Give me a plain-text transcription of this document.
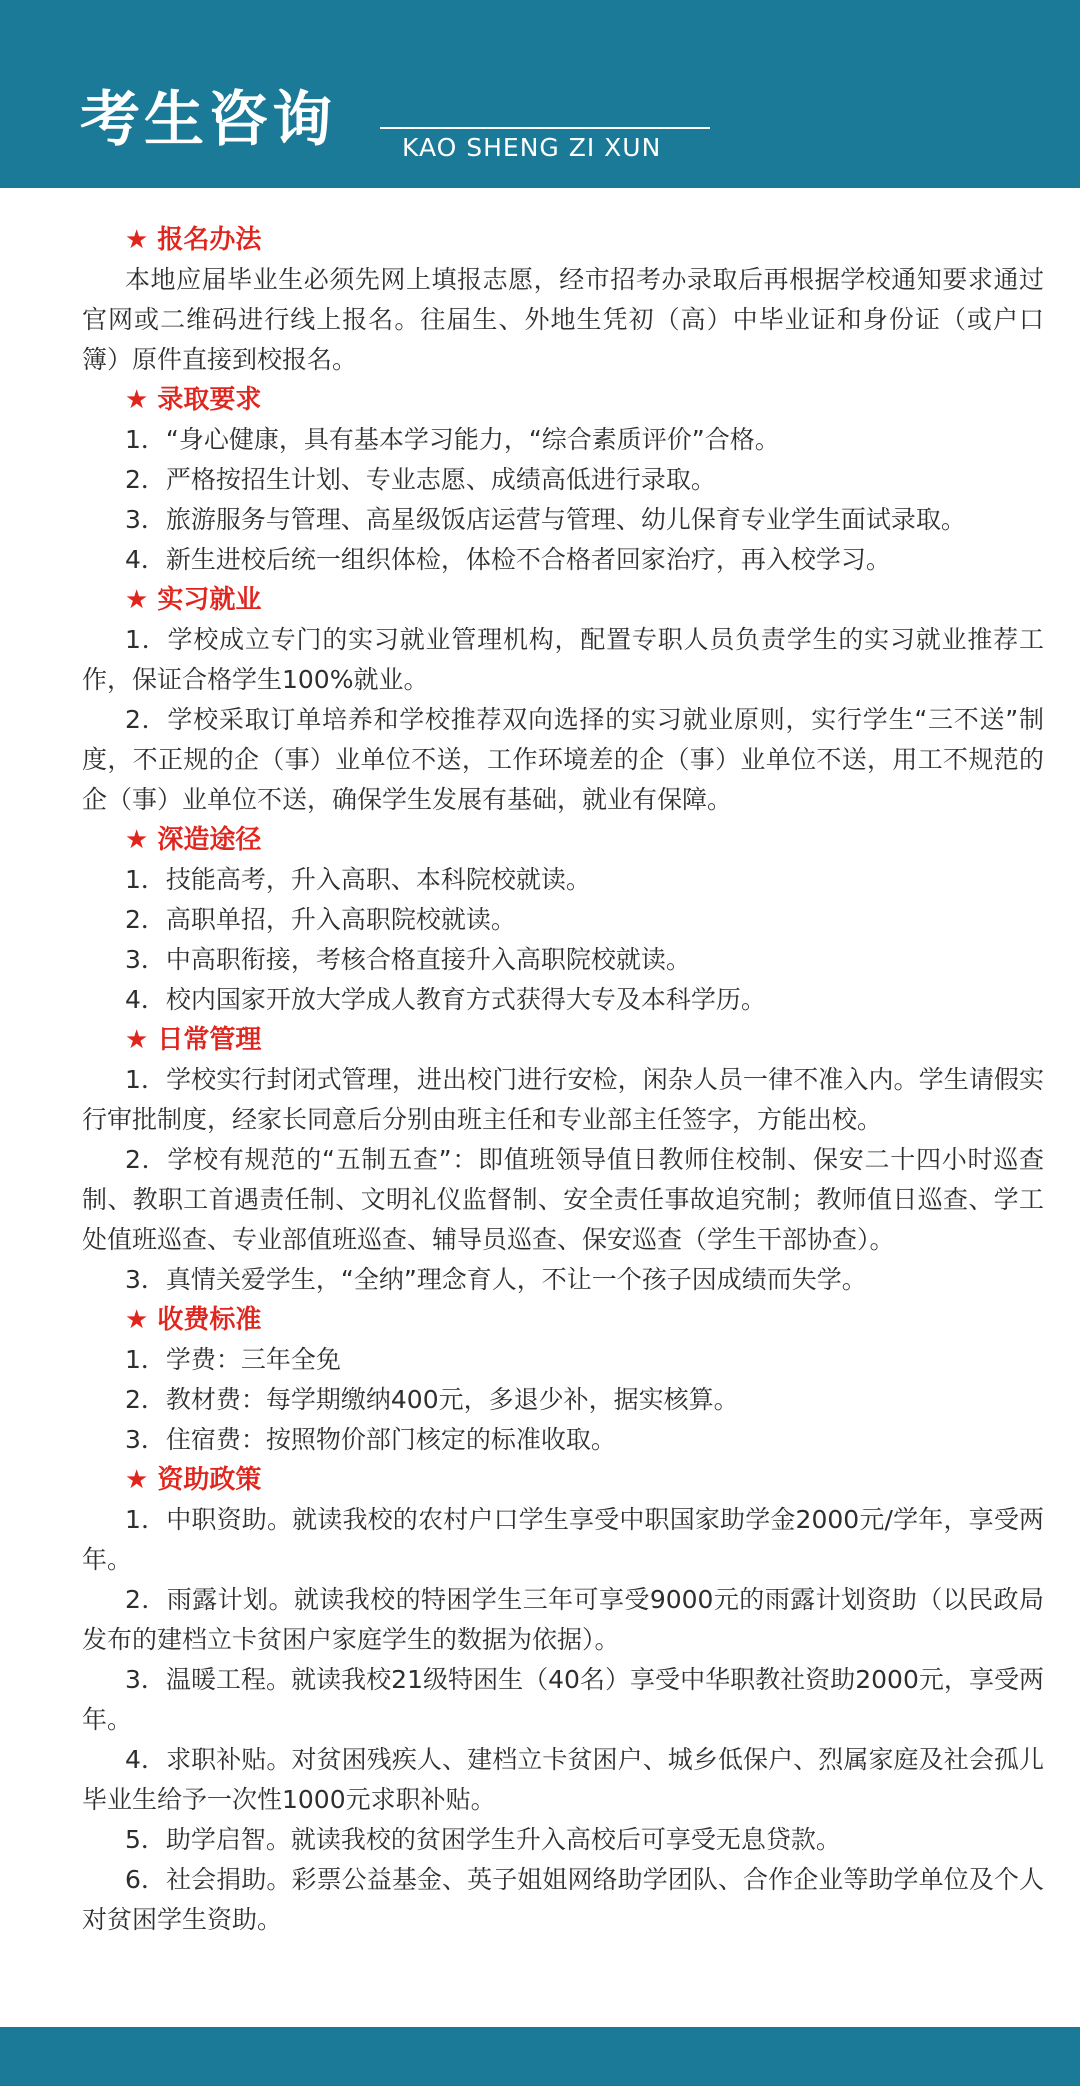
考生咨询	KAO SHENG ZI XUN
★ 报名办法

本地应届毕业生必须先网上填报志愿，经市招考办录取后再根据学校通知要求通过官网或二维码进行线上报名。往届生、外地生凭初（高）中毕业证和身份证（或户口簿）原件直接到校报名。

★ 录取要求

1．“身心健康，具有基本学习能力，“综合素质评价”合格。

2．严格按招生计划、专业志愿、成绩高低进行录取。

3．旅游服务与管理、高星级饭店运营与管理、幼儿保育专业学生面试录取。

4．新生进校后统一组织体检，体检不合格者回家治疗，再入校学习。

★ 实习就业

1．学校成立专门的实习就业管理机构，配置专职人员负责学生的实习就业推荐工作，保证合格学生100%就业。

2．学校采取订单培养和学校推荐双向选择的实习就业原则，实行学生“三不送”制度，不正规的企（事）业单位不送，工作环境差的企（事）业单位不送，用工不规范的企（事）业单位不送，确保学生发展有基础，就业有保障。

★ 深造途径

1．技能高考，升入高职、本科院校就读。

2．高职单招，升入高职院校就读。

3．中高职衔接，考核合格直接升入高职院校就读。

4．校内国家开放大学成人教育方式获得大专及本科学历。

★ 日常管理

1．学校实行封闭式管理，进出校门进行安检，闲杂人员一律不准入内。学生请假实行审批制度，经家长同意后分别由班主任和专业部主任签字，方能出校。

2．学校有规范的“五制五查”：即值班领导值日教师住校制、保安二十四小时巡查制、教职工首遇责任制、文明礼仪监督制、安全责任事故追究制；教师值日巡查、学工处值班巡查、专业部值班巡查、辅导员巡查、保安巡查（学生干部协查）。

3．真情关爱学生，“全纳”理念育人，不让一个孩子因成绩而失学。

★ 收费标准

1．学费：三年全免

2．教材费：每学期缴纳400元，多退少补，据实核算。

3．住宿费：按照物价部门核定的标准收取。

★ 资助政策

1．中职资助。就读我校的农村户口学生享受中职国家助学金2000元/学年，享受两年。

2．雨露计划。就读我校的特困学生三年可享受9000元的雨露计划资助（以民政局发布的建档立卡贫困户家庭学生的数据为依据）。

3．温暖工程。就读我校21级特困生（40名）享受中华职教社资助2000元，享受两年。

4．求职补贴。对贫困残疾人、建档立卡贫困户、城乡低保户、烈属家庭及社会孤儿毕业生给予一次性1000元求职补贴。

5．助学启智。就读我校的贫困学生升入高校后可享受无息贷款。

6．社会捐助。彩票公益基金、英子姐姐网络助学团队、合作企业等助学单位及个人对贫困学生资助。
